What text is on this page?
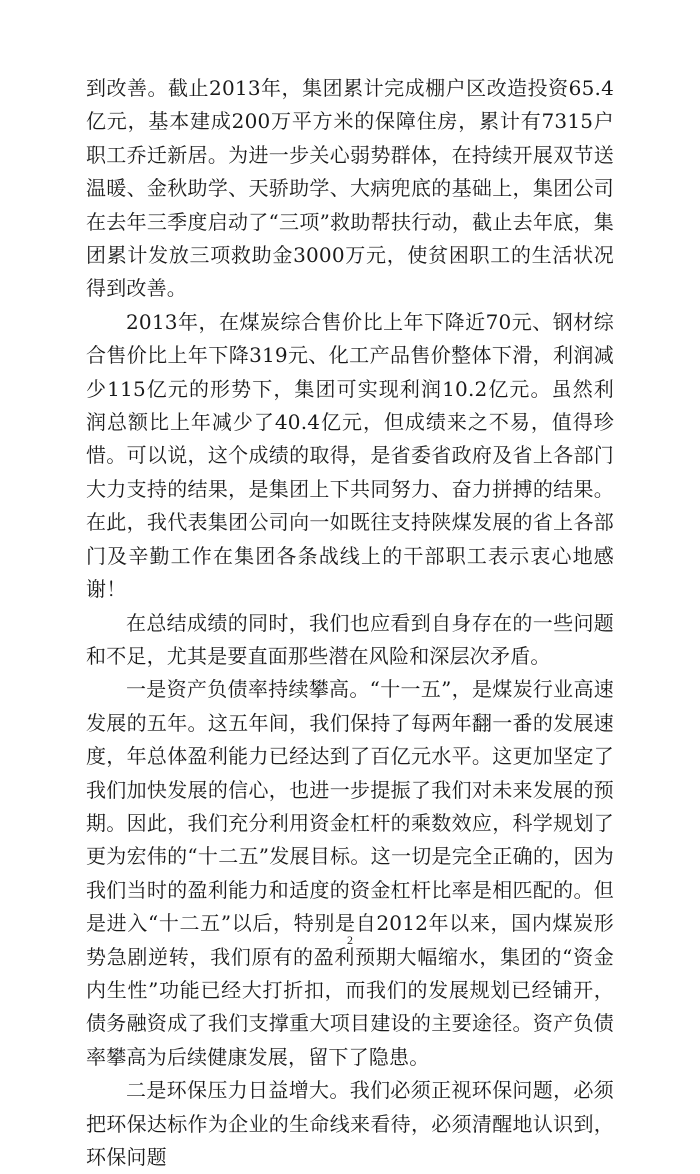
到改善。截止2013年，集团累计完成棚户区改造投资65.4亿元，基本建成200万平方米的保障住房，累计有7315户职工乔迁新居。为进一步关心弱势群体，在持续开展双节送温暖、金秋助学、天骄助学、大病兜底的基础上，集团公司在去年三季度启动了“三项”救助帮扶行动，截止去年底，集团累计发放三项救助金3000万元，使贫困职工的生活状况得到改善。

2013年，在煤炭综合售价比上年下降近70元、钢材综合售价比上年下降319元、化工产品售价整体下滑，利润减少115亿元的形势下，集团可实现利润10.2亿元。虽然利润总额比上年减少了40.4亿元，但成绩来之不易，值得珍惜。可以说，这个成绩的取得，是省委省政府及省上各部门大力支持的结果，是集团上下共同努力、奋力拼搏的结果。在此，我代表集团公司向一如既往支持陕煤发展的省上各部门及辛勤工作在集团各条战线上的干部职工表示衷心地感谢！

在总结成绩的同时，我们也应看到自身存在的一些问题和不足，尤其是要直面那些潜在风险和深层次矛盾。

一是资产负债率持续攀高。“十一五”，是煤炭行业高速发展的五年。这五年间，我们保持了每两年翻一番的发展速度，年总体盈利能力已经达到了百亿元水平。这更加坚定了我们加快发展的信心，也进一步提振了我们对未来发展的预期。因此，我们充分利用资金杠杆的乘数效应，科学规划了更为宏伟的“十二五”发展目标。这一切是完全正确的，因为我们当时的盈利能力和适度的资金杠杆比率是相匹配的。但是进入“十二五”以后，特别是自2012年以来，国内煤炭形势急剧逆转，我们原有的盈利预期大幅缩水，集团的“资金内生性”功能已经大打折扣，而我们的发展规划已经铺开，债务融资成了我们支撑重大项目建设的主要途径。资产负债率攀高为后续健康发展，留下了隐患。

二是环保压力日益增大。我们必须正视环保问题，必须把环保达标作为企业的生命线来看待，必须清醒地认识到，环保问题

2
